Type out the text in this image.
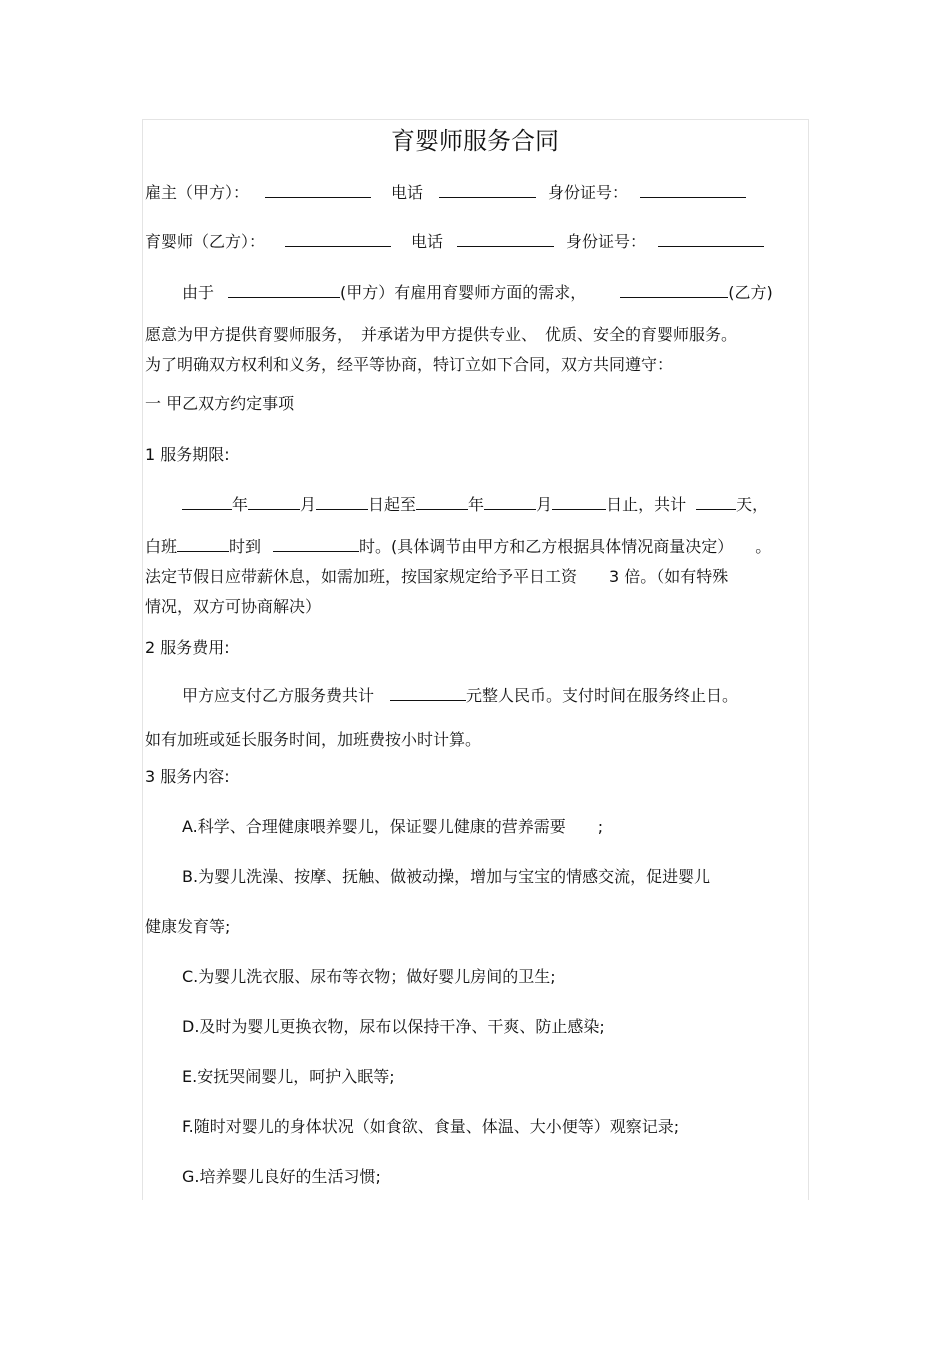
育婴师服务合同
雇主（甲方）：	电话	身份证号：
育婴师（乙方）：	电话	身份证号：
由于	(甲方）有雇用育婴师方面的需求，	(乙方)
愿意为甲方提供育婴师服务，　并承诺为甲方提供专业、　优质、安全的育婴师服务。
为了明确双方权利和义务，经平等协商，特订立如下合同，双方共同遵守：
一 甲乙双方约定事项
1 服务期限:
年	月	日起至	年	月	日止，共计	天，
白班	时到	时。(具体调节由甲方和乙方根据具体情况商量决定） 。
法定节假日应带薪休息，如需加班，按国家规定给予平日工资　　3 倍。（如有特殊
情况，双方可协商解决）
2 服务费用:
甲方应支付乙方服务费共计	元整人民币。支付时间在服务终止日。
如有加班或延长服务时间，加班费按小时计算。
3 服务内容:
A.科学、合理健康喂养婴儿，保证婴儿健康的营养需要　　;
B.为婴儿洗澡、按摩、抚触、做被动操，增加与宝宝的情感交流，促进婴儿
健康发育等;
C.为婴儿洗衣服、尿布等衣物；做好婴儿房间的卫生;
D.及时为婴儿更换衣物，尿布以保持干净、干爽、防止感染;
E.安抚哭闹婴儿，呵护入眠等;
F.随时对婴儿的身体状况（如食欲、食量、体温、大小便等）观察记录;
G.培养婴儿良好的生活习惯;
